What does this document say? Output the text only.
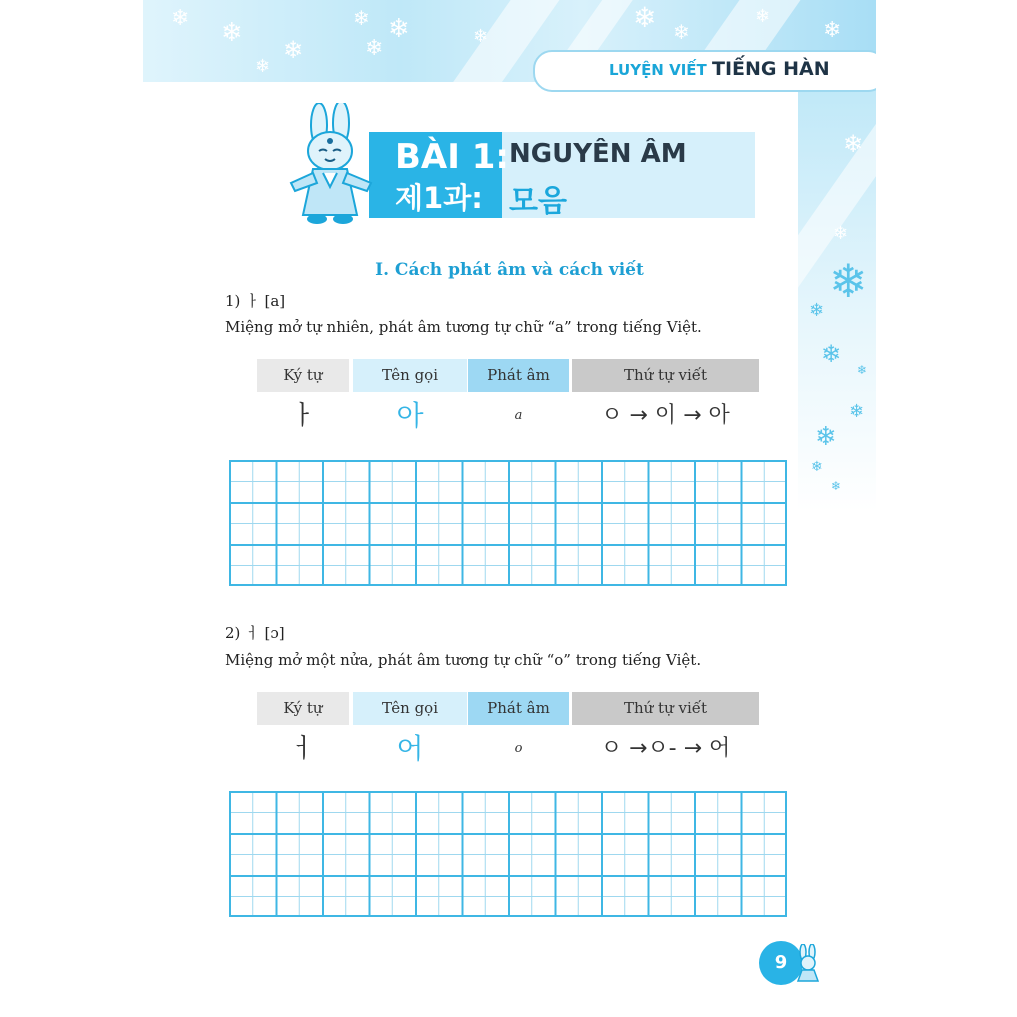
❄ ❄
❄
❄
❄ ❄
❄	❄
❄ ❄
❄
❄
❄
❄
❄
❄
❄
❄
❄
❄
❄
❄
LUYỆN VIẾT TIẾNG HÀN
BÀI 1:
제1과:
NGUYÊN ÂM
모음
I. Cách phát âm và cách viết
1) ㅏ [a]
Miệng mở tự nhiên, phát âm tương tự chữ “a” trong tiếng Việt.
Ký tự	Tên gọi	Phát âm	Thứ tự viết
ㅏ	아	a	ㅇ → 이 → 아
2) ㅓ [ɔ]
Miệng mở một nửa, phát âm tương tự chữ “o” trong tiếng Việt.
Ký tự	Tên gọi	Phát âm	Thứ tự viết
ㅓ	어	o	ㅇ →ㅇ- → 어
9
